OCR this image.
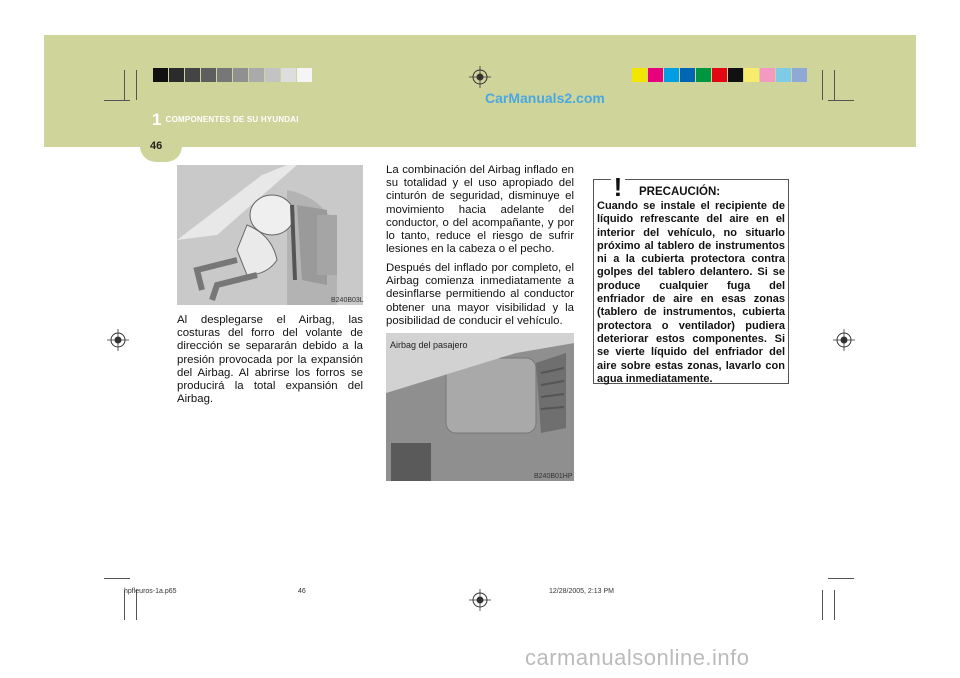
1 COMPONENTES DE SU HYUNDAI
46
CarManuals2.com
B240B03L
Al desplegarse el Airbag, las costuras del forro del volante de dirección se separarán debido a la presión provocada por la expansión del Airbag. Al abrirse los forros se producirá la total expansión del Airbag.
La combinación del Airbag inflado en su totalidad y el uso apropiado del cinturón de seguridad, disminuye el movimiento hacia adelante del conductor, o del acompañante, y por lo tanto, reduce el riesgo de sufrir lesiones en la cabeza o el pecho.
Después del inflado por completo, el Airbag comienza inmediatamente a desinflarse permitiendo al conductor obtener una mayor visibilidad y la posibilidad de conducir el vehículo.
Airbag del pasajero
B240B01HP
! PRECAUCIÓN:
Cuando se instale el recipiente de líquido refrescante del aire en el interior del vehículo, no situarlo próximo al tablero de instrumentos ni a la cubierta protectora contra golpes del tablero delantero. Si se produce cualquier fuga del enfriador de aire en esas zonas (tablero de instrumentos, cubierta protectora o ventilador) pudiera deteriorar estos componentes. Si se vierte líquido del enfriador del aire sobre estas zonas, lavarlo con agua inmediatamente.
hpfleuros-1a.p65	46	12/28/2005, 2:13 PM
carmanualsonline.info
